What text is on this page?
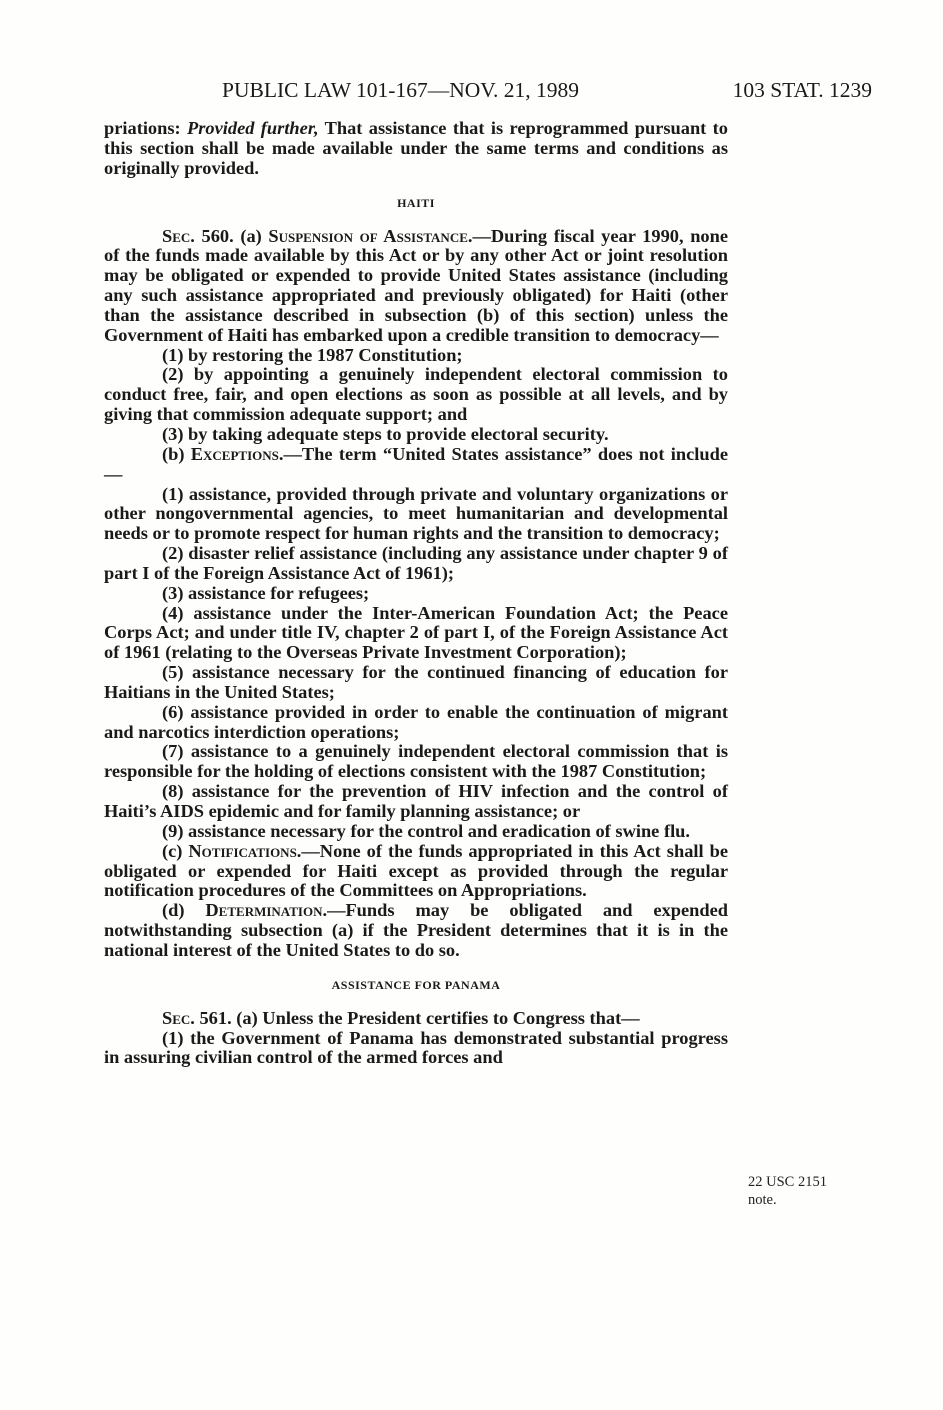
PUBLIC LAW 101-167—NOV. 21, 1989	103 STAT. 1239

priations: Provided further, That assistance that is reprogrammed pursuant to this section shall be made available under the same terms and conditions as originally provided.

HAITI

Sec. 560. (a) Suspension of Assistance.—During fiscal year 1990, none of the funds made available by this Act or by any other Act or joint resolution may be obligated or expended to provide United States assistance (including any such assistance appropriated and previously obligated) for Haiti (other than the assistance described in subsection (b) of this section) unless the Government of Haiti has embarked upon a credible transition to democracy—

(1) by restoring the 1987 Constitution;

(2) by appointing a genuinely independent electoral commission to conduct free, fair, and open elections as soon as possible at all levels, and by giving that commission adequate support; and

(3) by taking adequate steps to provide electoral security.

(b) Exceptions.—The term “United States assistance” does not include—

(1) assistance, provided through private and voluntary organizations or other nongovernmental agencies, to meet humanitarian and developmental needs or to promote respect for human rights and the transition to democracy;

(2) disaster relief assistance (including any assistance under chapter 9 of part I of the Foreign Assistance Act of 1961);

(3) assistance for refugees;

(4) assistance under the Inter-American Foundation Act; the Peace Corps Act; and under title IV, chapter 2 of part I, of the Foreign Assistance Act of 1961 (relating to the Overseas Private Investment Corporation);

(5) assistance necessary for the continued financing of education for Haitians in the United States;

(6) assistance provided in order to enable the continuation of migrant and narcotics interdiction operations;

(7) assistance to a genuinely independent electoral commission that is responsible for the holding of elections consistent with the 1987 Constitution;

(8) assistance for the prevention of HIV infection and the control of Haiti’s AIDS epidemic and for family planning assistance; or

(9) assistance necessary for the control and eradication of swine flu.

(c) Notifications.—None of the funds appropriated in this Act shall be obligated or expended for Haiti except as provided through the regular notification procedures of the Committees on Appropriations.

(d) Determination.—Funds may be obligated and expended notwithstanding subsection (a) if the President determines that it is in the national interest of the United States to do so.

ASSISTANCE FOR PANAMA

Sec. 561. (a) Unless the President certifies to Congress that—

(1) the Government of Panama has demonstrated substantial progress in assuring civilian control of the armed forces and

22 USC 2151
note.
